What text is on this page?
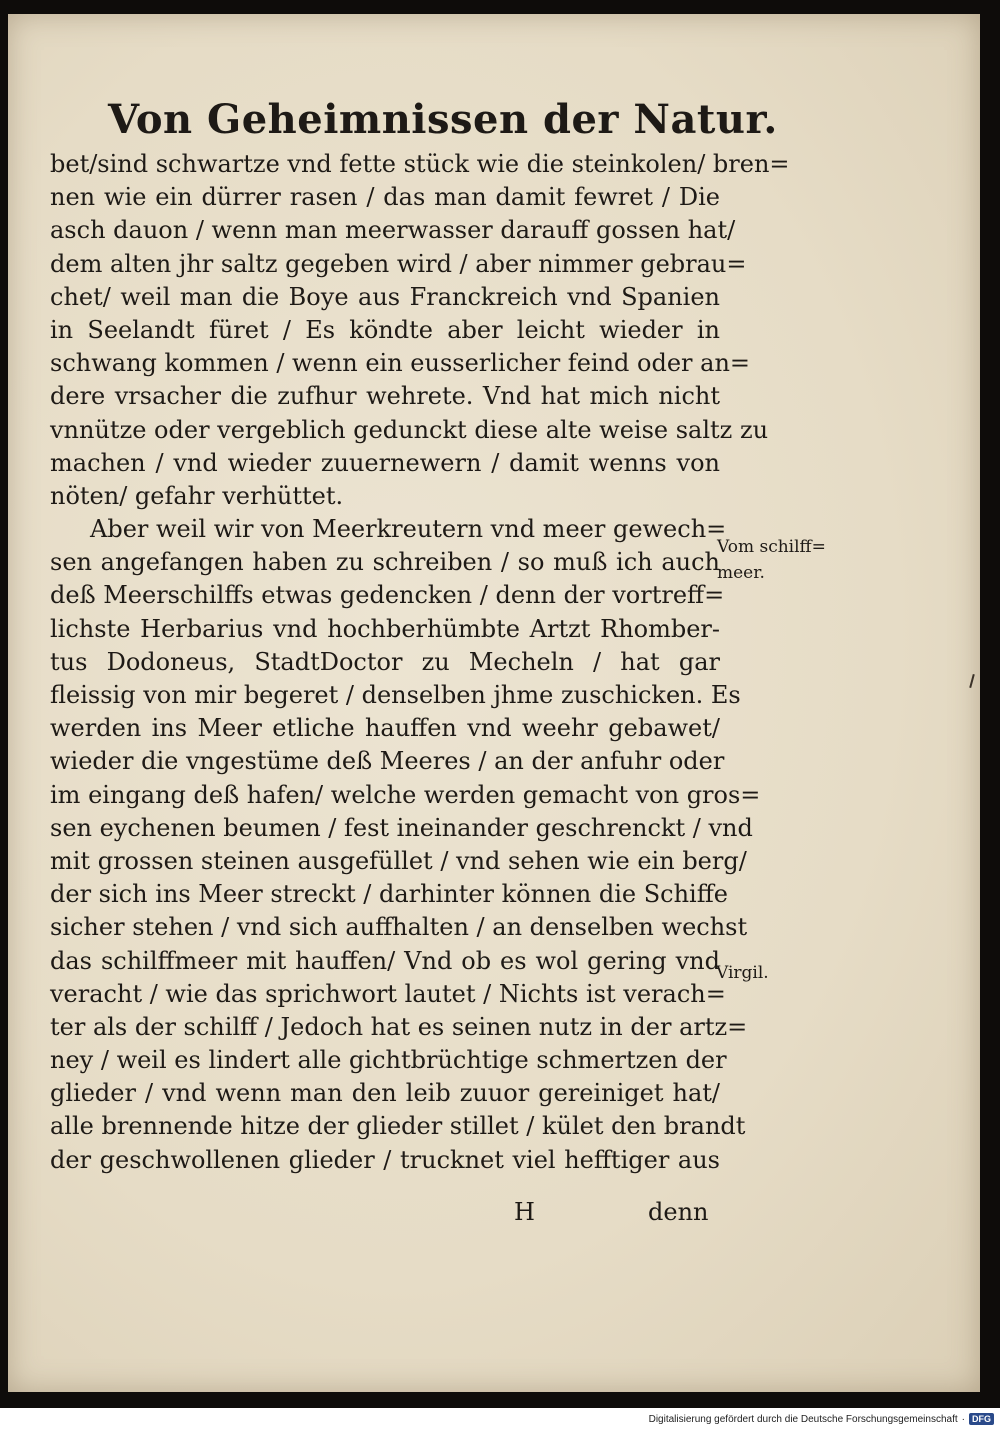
Von Geheimnissen der Natur.
bet/sind schwartze vnd fette stück wie die steinkolen/ bren=
nen wie ein dürrer rasen / das man damit fewret / Die
asch dauon / wenn man meerwasser darauff gossen hat/
dem alten jhr saltz gegeben wird / aber nimmer gebrau=
chet/ weil man die Boye aus Franckreich vnd Spanien
in Seelandt füret / Es köndte aber leicht wieder in
schwang kommen / wenn ein eusserlicher feind oder an=
dere vrsacher die zufhur wehrete. Vnd hat mich nicht
vnnütze oder vergeblich gedunckt diese alte weise saltz zu
machen / vnd wieder zuuernewern / damit wenns von
nöten/ gefahr verhüttet.
Aber weil wir von Meerkreutern vnd meer gewech=
sen angefangen haben zu schreiben / so muß ich auch
deß Meerschilffs etwas gedencken / denn der vortreff=
lichste Herbarius vnd hochberhümbte Artzt Rhomber-
tus Dodoneus, StadtDoctor zu Mecheln / hat gar
fleissig von mir begeret / denselben jhme zuschicken. Es
werden ins Meer etliche hauffen vnd weehr gebawet/
wieder die vngestüme deß Meeres / an der anfuhr oder
im eingang deß hafen/ welche werden gemacht von gros=
sen eychenen beumen / fest ineinander geschrenckt / vnd
mit grossen steinen ausgefüllet / vnd sehen wie ein berg/
der sich ins Meer streckt / darhinter können die Schiffe
sicher stehen / vnd sich auffhalten / an denselben wechst
das schilffmeer mit hauffen/ Vnd ob es wol gering vnd
veracht / wie das sprichwort lautet / Nichts ist verach=
ter als der schilff / Jedoch hat es seinen nutz in der artz=
ney / weil es lindert alle gichtbrüchtige schmertzen der
glieder / vnd wenn man den leib zuuor gereiniget hat/
alle brennende hitze der glieder stillet / kület den brandt
der geschwollenen glieder / trucknet viel hefftiger aus
Vom schilff=
meer.
Virgil.
H	denn
Digitalisierung gefördert durch die Deutsche Forschungsgemeinschaft · DFG
